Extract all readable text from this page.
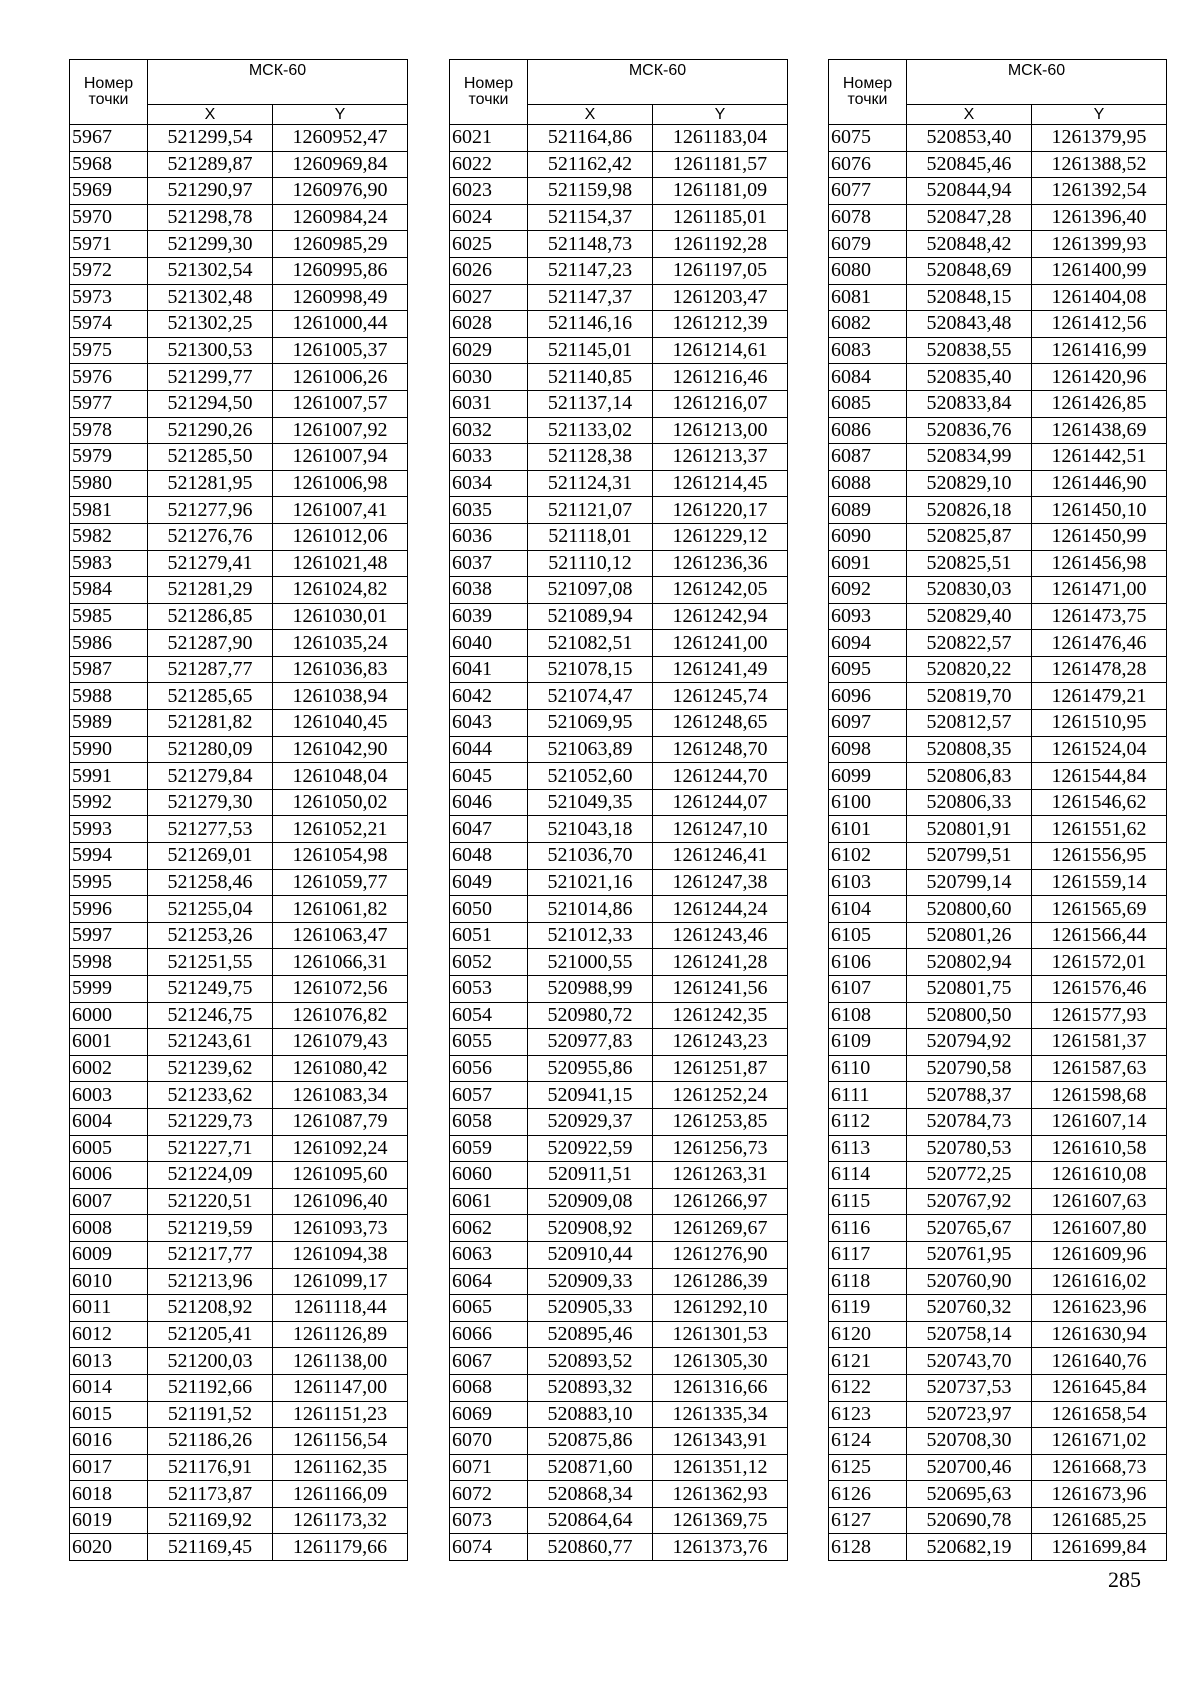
Номер
точки	МСК-60	
	X	Y
5967	521299,54	1260952,47
5968	521289,87	1260969,84
5969	521290,97	1260976,90
5970	521298,78	1260984,24
5971	521299,30	1260985,29
5972	521302,54	1260995,86
5973	521302,48	1260998,49
5974	521302,25	1261000,44
5975	521300,53	1261005,37
5976	521299,77	1261006,26
5977	521294,50	1261007,57
5978	521290,26	1261007,92
5979	521285,50	1261007,94
5980	521281,95	1261006,98
5981	521277,96	1261007,41
5982	521276,76	1261012,06
5983	521279,41	1261021,48
5984	521281,29	1261024,82
5985	521286,85	1261030,01
5986	521287,90	1261035,24
5987	521287,77	1261036,83
5988	521285,65	1261038,94
5989	521281,82	1261040,45
5990	521280,09	1261042,90
5991	521279,84	1261048,04
5992	521279,30	1261050,02
5993	521277,53	1261052,21
5994	521269,01	1261054,98
5995	521258,46	1261059,77
5996	521255,04	1261061,82
5997	521253,26	1261063,47
5998	521251,55	1261066,31
5999	521249,75	1261072,56
6000	521246,75	1261076,82
6001	521243,61	1261079,43
6002	521239,62	1261080,42
6003	521233,62	1261083,34
6004	521229,73	1261087,79
6005	521227,71	1261092,24
6006	521224,09	1261095,60
6007	521220,51	1261096,40
6008	521219,59	1261093,73
6009	521217,77	1261094,38
6010	521213,96	1261099,17
6011	521208,92	1261118,44
6012	521205,41	1261126,89
6013	521200,03	1261138,00
6014	521192,66	1261147,00
6015	521191,52	1261151,23
6016	521186,26	1261156,54
6017	521176,91	1261162,35
6018	521173,87	1261166,09
6019	521169,92	1261173,32
6020	521169,45	1261179,66
Номер
точки	МСК-60	
	X	Y
6021	521164,86	1261183,04
6022	521162,42	1261181,57
6023	521159,98	1261181,09
6024	521154,37	1261185,01
6025	521148,73	1261192,28
6026	521147,23	1261197,05
6027	521147,37	1261203,47
6028	521146,16	1261212,39
6029	521145,01	1261214,61
6030	521140,85	1261216,46
6031	521137,14	1261216,07
6032	521133,02	1261213,00
6033	521128,38	1261213,37
6034	521124,31	1261214,45
6035	521121,07	1261220,17
6036	521118,01	1261229,12
6037	521110,12	1261236,36
6038	521097,08	1261242,05
6039	521089,94	1261242,94
6040	521082,51	1261241,00
6041	521078,15	1261241,49
6042	521074,47	1261245,74
6043	521069,95	1261248,65
6044	521063,89	1261248,70
6045	521052,60	1261244,70
6046	521049,35	1261244,07
6047	521043,18	1261247,10
6048	521036,70	1261246,41
6049	521021,16	1261247,38
6050	521014,86	1261244,24
6051	521012,33	1261243,46
6052	521000,55	1261241,28
6053	520988,99	1261241,56
6054	520980,72	1261242,35
6055	520977,83	1261243,23
6056	520955,86	1261251,87
6057	520941,15	1261252,24
6058	520929,37	1261253,85
6059	520922,59	1261256,73
6060	520911,51	1261263,31
6061	520909,08	1261266,97
6062	520908,92	1261269,67
6063	520910,44	1261276,90
6064	520909,33	1261286,39
6065	520905,33	1261292,10
6066	520895,46	1261301,53
6067	520893,52	1261305,30
6068	520893,32	1261316,66
6069	520883,10	1261335,34
6070	520875,86	1261343,91
6071	520871,60	1261351,12
6072	520868,34	1261362,93
6073	520864,64	1261369,75
6074	520860,77	1261373,76
Номер
точки	МСК-60	
	X	Y
6075	520853,40	1261379,95
6076	520845,46	1261388,52
6077	520844,94	1261392,54
6078	520847,28	1261396,40
6079	520848,42	1261399,93
6080	520848,69	1261400,99
6081	520848,15	1261404,08
6082	520843,48	1261412,56
6083	520838,55	1261416,99
6084	520835,40	1261420,96
6085	520833,84	1261426,85
6086	520836,76	1261438,69
6087	520834,99	1261442,51
6088	520829,10	1261446,90
6089	520826,18	1261450,10
6090	520825,87	1261450,99
6091	520825,51	1261456,98
6092	520830,03	1261471,00
6093	520829,40	1261473,75
6094	520822,57	1261476,46
6095	520820,22	1261478,28
6096	520819,70	1261479,21
6097	520812,57	1261510,95
6098	520808,35	1261524,04
6099	520806,83	1261544,84
6100	520806,33	1261546,62
6101	520801,91	1261551,62
6102	520799,51	1261556,95
6103	520799,14	1261559,14
6104	520800,60	1261565,69
6105	520801,26	1261566,44
6106	520802,94	1261572,01
6107	520801,75	1261576,46
6108	520800,50	1261577,93
6109	520794,92	1261581,37
6110	520790,58	1261587,63
6111	520788,37	1261598,68
6112	520784,73	1261607,14
6113	520780,53	1261610,58
6114	520772,25	1261610,08
6115	520767,92	1261607,63
6116	520765,67	1261607,80
6117	520761,95	1261609,96
6118	520760,90	1261616,02
6119	520760,32	1261623,96
6120	520758,14	1261630,94
6121	520743,70	1261640,76
6122	520737,53	1261645,84
6123	520723,97	1261658,54
6124	520708,30	1261671,02
6125	520700,46	1261668,73
6126	520695,63	1261673,96
6127	520690,78	1261685,25
6128	520682,19	1261699,84
285
